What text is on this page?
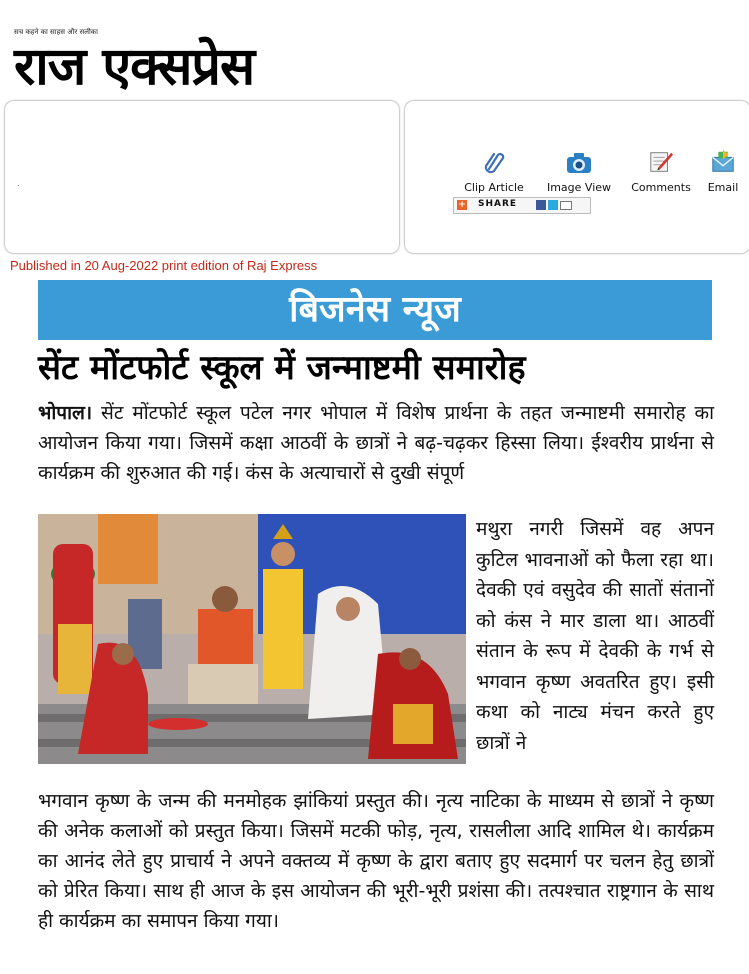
सच कहने का साहस और सलीका
राज एक्सप्रेस
.	Clip Article	Image View	Comments	Email
+ SHARE
Published in 20 Aug-2022 print edition of Raj Express
बिजनेस न्यूज
सेंट मोंटफोर्ट स्कूल में जन्माष्टमी समारोह
भोपाल। सेंट मोंटफोर्ट स्कूल पटेल नगर भोपाल में विशेष प्रार्थना के तहत जन्माष्टमी समारोह का आयोजन किया गया। जिसमें कक्षा आठवीं के छात्रों ने बढ़-चढ़कर हिस्सा लिया। ईश्वरीय प्रार्थना से कार्यक्रम की शुरुआत की गई। कंस के अत्याचारों से दुखी संपूर्ण
मथुरा नगरी जिसमें वह अपन कुटिल भावनाओं को फैला रहा था। देवकी एवं वसुदेव की सातों संतानों को कंस ने मार डाला था। आठवीं संतान के रूप में देवकी के गर्भ से भगवान कृष्ण अवतरित हुए। इसी कथा को नाट्य मंचन करते हुए छात्रों ने
भगवान कृष्ण के जन्म की मनमोहक झांकियां प्रस्तुत की। नृत्य नाटिका के माध्यम से छात्रों ने कृष्ण की अनेक कलाओं को प्रस्तुत किया। जिसमें मटकी फोड़, नृत्य, रासलीला आदि शामिल थे। कार्यक्रम का आनंद लेते हुए प्राचार्य ने अपने वक्तव्य में कृष्ण के द्वारा बताए हुए सदमार्ग पर चलन हेतु छात्रों को प्रेरित किया। साथ ही आज के इस आयोजन की भूरी-भूरी प्रशंसा की। तत्पश्चात राष्ट्रगान के साथ ही कार्यक्रम का समापन किया गया।
